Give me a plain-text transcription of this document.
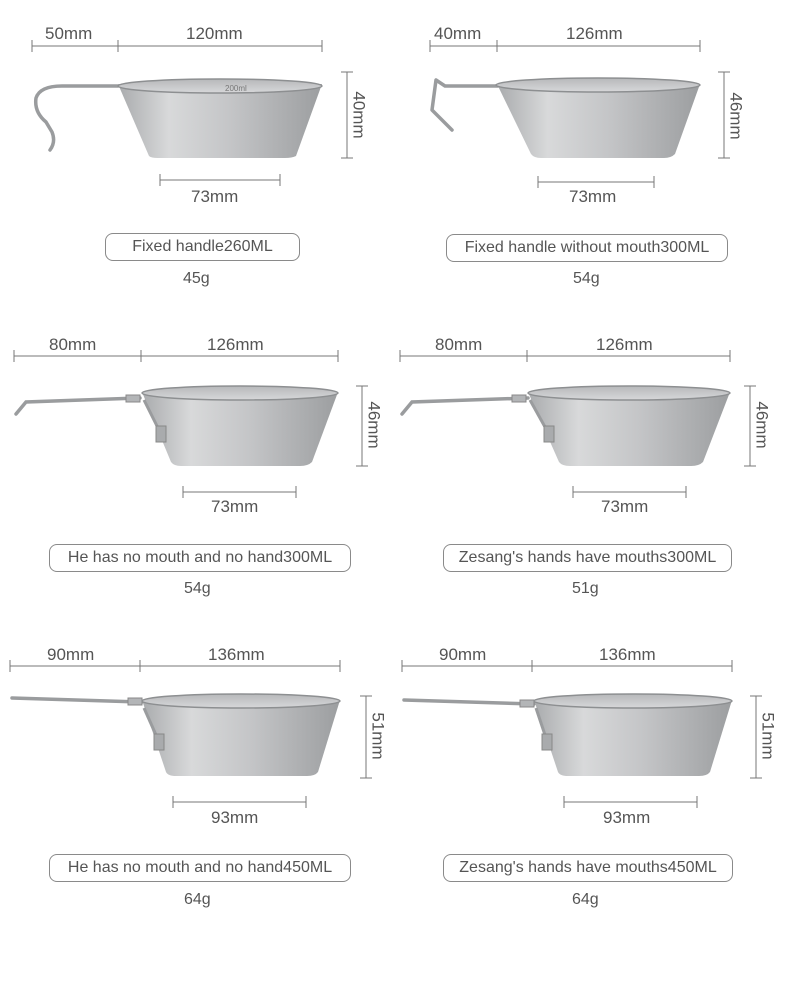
200ml
50mm	120mm
40mm
73mm
Fixed handle260ML
45g
40mm	126mm
46mm
73mm
Fixed handle without mouth300ML
54g
80mm	126mm
46mm
73mm
He has no mouth and no hand300ML
54g
80mm	126mm
46mm
73mm
Zesang's hands have mouths300ML
51g
90mm	136mm
51mm
93mm
He has no mouth and no hand450ML
64g
90mm	136mm
51mm
93mm
Zesang's hands have mouths450ML
64g
